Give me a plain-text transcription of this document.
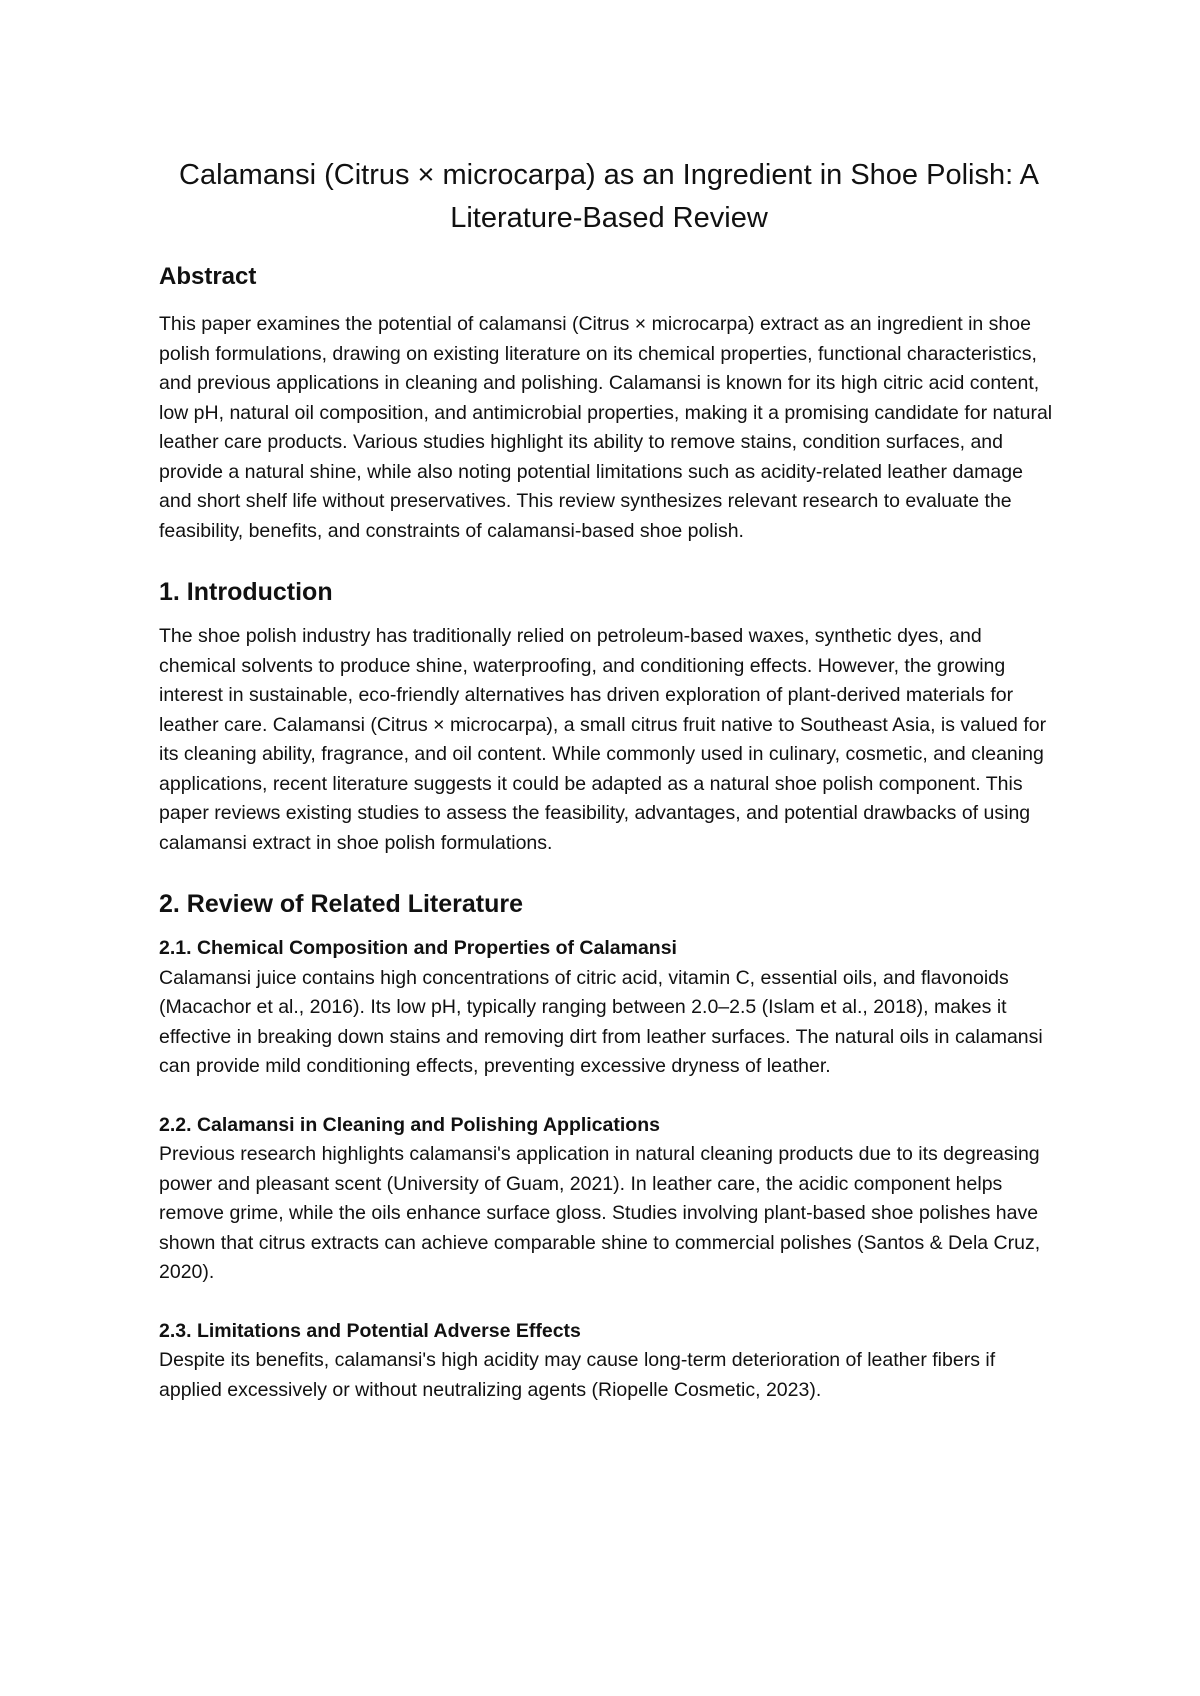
Calamansi (Citrus × microcarpa) as an Ingredient in Shoe Polish: A Literature-Based Review
Abstract

This paper examines the potential of calamansi (Citrus × microcarpa) extract as an ingredient in shoe polish formulations, drawing on existing literature on its chemical properties, functional characteristics, and previous applications in cleaning and polishing. Calamansi is known for its high citric acid content, low pH, natural oil composition, and antimicrobial properties, making it a promising candidate for natural leather care products. Various studies highlight its ability to remove stains, condition surfaces, and provide a natural shine, while also noting potential limitations such as acidity-related leather damage and short shelf life without preservatives. This review synthesizes relevant research to evaluate the feasibility, benefits, and constraints of calamansi-based shoe polish.

1. Introduction

The shoe polish industry has traditionally relied on petroleum-based waxes, synthetic dyes, and chemical solvents to produce shine, waterproofing, and conditioning effects. However, the growing interest in sustainable, eco-friendly alternatives has driven exploration of plant-derived materials for leather care. Calamansi (Citrus × microcarpa), a small citrus fruit native to Southeast Asia, is valued for its cleaning ability, fragrance, and oil content. While commonly used in culinary, cosmetic, and cleaning applications, recent literature suggests it could be adapted as a natural shoe polish component. This paper reviews existing studies to assess the feasibility, advantages, and potential drawbacks of using calamansi extract in shoe polish formulations.

2. Review of Related Literature
2.1. Chemical Composition and Properties of Calamansi

Calamansi juice contains high concentrations of citric acid, vitamin C, essential oils, and flavonoids (Macachor et al., 2016). Its low pH, typically ranging between 2.0–2.5 (Islam et al., 2018), makes it effective in breaking down stains and removing dirt from leather surfaces. The natural oils in calamansi can provide mild conditioning effects, preventing excessive dryness of leather.

2.2. Calamansi in Cleaning and Polishing Applications

Previous research highlights calamansi's application in natural cleaning products due to its degreasing power and pleasant scent (University of Guam, 2021). In leather care, the acidic component helps remove grime, while the oils enhance surface gloss. Studies involving plant-based shoe polishes have shown that citrus extracts can achieve comparable shine to commercial polishes (Santos & Dela Cruz, 2020).

2.3. Limitations and Potential Adverse Effects

Despite its benefits, calamansi's high acidity may cause long-term deterioration of leather fibers if applied excessively or without neutralizing agents (Riopelle Cosmetic, 2023).
